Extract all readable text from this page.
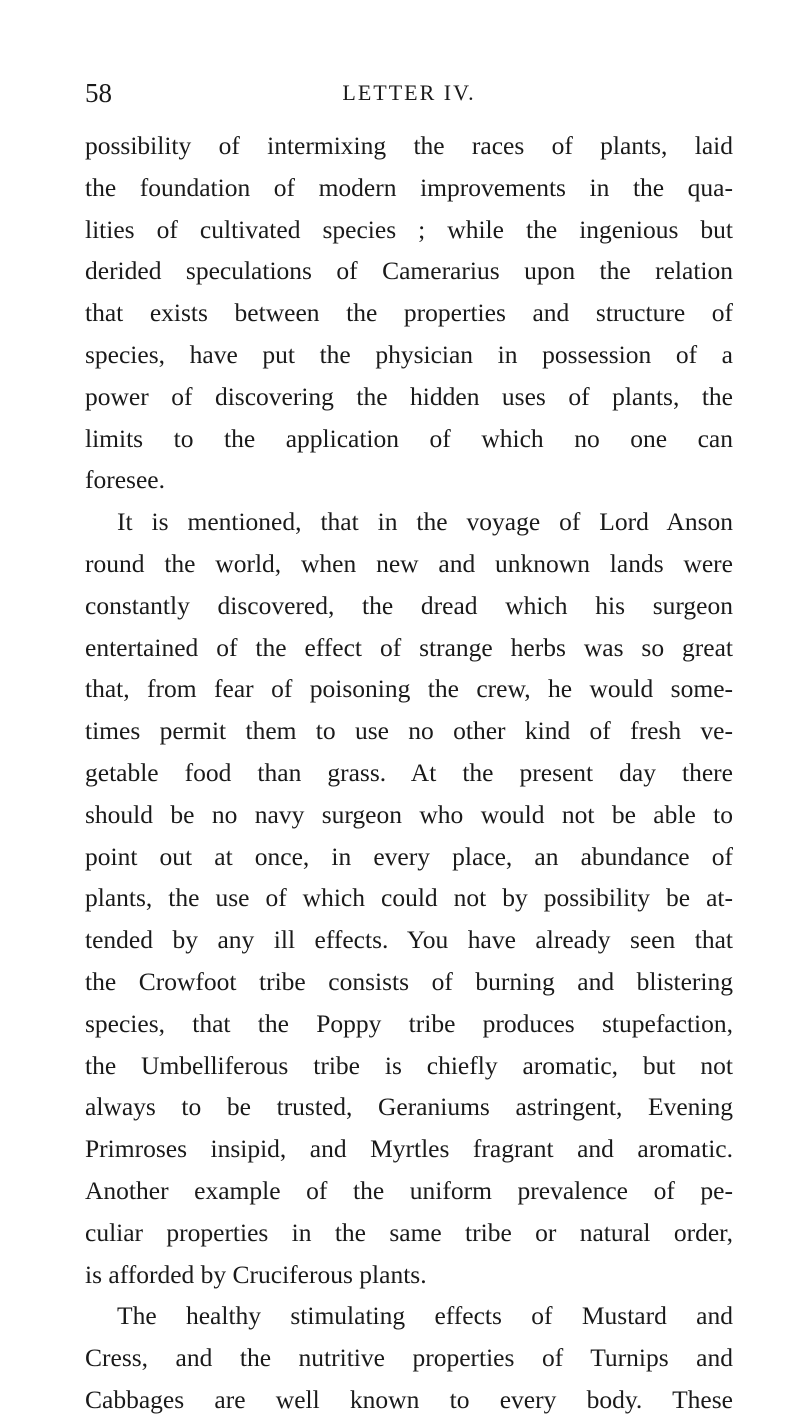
58	LETTER IV.
possibility of intermixing the races of plants, laid
the foundation of modern improvements in the qua-
lities of cultivated species ; while the ingenious but
derided speculations of Camerarius upon the relation
that exists between the properties and structure of
species, have put the physician in possession of a
power of discovering the hidden uses of plants, the
limits to the application of which no one can
foresee.
It is mentioned, that in the voyage of Lord Anson
round the world, when new and unknown lands were
constantly discovered, the dread which his surgeon
entertained of the effect of strange herbs was so great
that, from fear of poisoning the crew, he would some-
times permit them to use no other kind of fresh ve-
getable food than grass. At the present day there
should be no navy surgeon who would not be able to
point out at once, in every place, an abundance of
plants, the use of which could not by possibility be at-
tended by any ill effects. You have already seen that
the Crowfoot tribe consists of burning and blistering
species, that the Poppy tribe produces stupefaction,
the Umbelliferous tribe is chiefly aromatic, but not
always to be trusted, Geraniums astringent, Evening
Primroses insipid, and Myrtles fragrant and aromatic.
Another example of the uniform prevalence of pe-
culiar properties in the same tribe or natural order,
is afforded by Cruciferous plants.
The healthy stimulating effects of Mustard and
Cress, and the nutritive properties of Turnips and
Cabbages are well known to every body. These
